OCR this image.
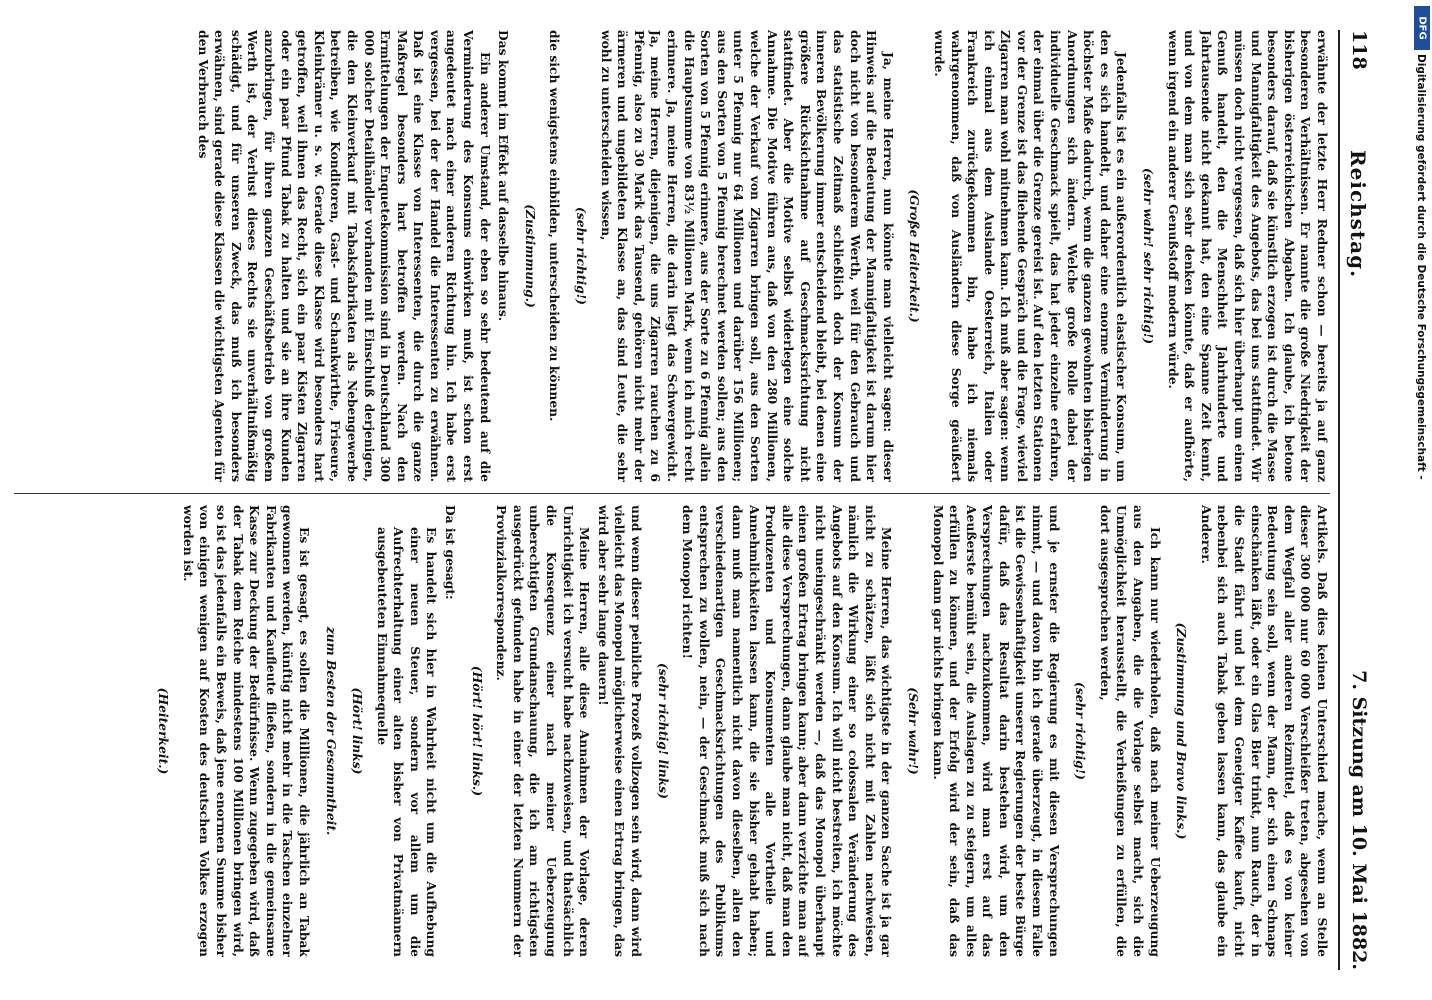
118
Reichstag.
7. Sitzung am 10. Mai 1882.

erwähnte der letzte Herr Redner schon — bereits ja auf ganz besonderen Verhältnissen. Er nannte die große Niedrigkeit der bisherigen österreichischen Abgaben. Ich glaube, ich betone besonders darauf, daß sie künstlich erzogen ist durch die Masse und Mannigfaltigkeit des Angebots, das bei uns stattfindet. Wir müssen doch nicht vergessen, daß sich hier überhaupt um einen Genuß handelt, den die Menschheit Jahrhunderte und Jahrtausende nicht gekannt hat, den eine Spanne Zeit kennt, und von dem man sich sehr denken könnte, daß er aufhörte, wenn irgend ein anderer Genußstoff modern würde.

(sehr wahr! sehr richtig!)

Jedenfalls ist es ein außerordentlich elastischer Konsum, um den es sich handelt, und daher eine enorme Verminderung in höchster Maße dadurch, wenn die ganzen gewohnten bisherigen Anordnungen sich ändern. Welche große Rolle dabei der individuelle Geschmack spielt, das hat jeder einzelne erfahren, der einmal über die Grenze gereist ist. Auf den letzten Stationen vor der Grenze ist das fliehende Gespräch und die Frage, wieviel Zigarren man wohl mitnehmen kann. Ich muß aber sagen: wenn ich einmal aus dem Auslande Oesterreich, Italien oder Frankreich zurückgekommen bin, habe ich niemals wahrgenommen, daß von Ausländern diese Sorge geäußert wurde.

(Große Heiterkeit.)

Ja, meine Herren, nun könnte man vielleicht sagen: dieser Hinweis auf die Bedeutung der Mannigfaltigkeit ist darum hier doch nicht von besonderem Werth, weil für den Gebrauch und das statistische Zeitmaß schließlich doch der Konsum der inneren Bevölkerung immer entscheidend bleibt, bei denen eine größere Rücksichtnahme auf Geschmacksrichtung nicht stattfindet. Aber die Motive selbst widerlegen eine solche Annahme. Die Motive führen aus, daß von den 280 Millionen, welche der Verkauf von Zigarren bringen soll, aus den Sorten unter 5 Pfennig nur 64 Millionen und darüber 156 Millionen; aus den Sorten von 5 Pfennig berechnet werden sollen; aus den Sorten von 5 Pfennig erinnere, aus der Sorte zu 6 Pfennig allein die Hauptsumme von 83½ Millionen Mark, wenn ich mich recht erinnere. Ja, meine Herren, die darin liegt das Schwergewicht. Ja, meine Herren, diejenigen, die uns Zigarren rauchen zu 6 Pfennig, also zu 30 Mark das Tausend, gehören nicht mehr der ärmeren und ungebildeten Klasse an, das sind Leute, die sehr wohl zu unterscheiden wissen,

(sehr richtig!)

die sich wenigstens einbilden, unterscheiden zu können.

(Zustimmung.)

Das kommt im Effekt auf dasselbe hinaus.

Ein anderer Umstand, der eben so sehr bedeutend auf die Verminderung des Konsums einwirken muß, ist schon erst angedeutet nach einer anderen Richtung hin. Ich habe erst vergessen, bei der der Handel die Interessenten zu erwähnen. Daß ist eine Klasse von Interessenten, die durch die ganze Maßregel besonders hart betroffen werden. Nach den Ermittelungen der Enquetekommission sind in Deutschland 300 000 solcher Detailhändler vorhanden mit Einschluß derjenigen, die den Kleinverkauf mit Tabaksfabrikaten als Nebengewerbe betreiben, wie Konditoren, Gast- und Schankwirthe, Friseure, Kleinkrämer u. s. w. Gerade diese Klasse wird besonders hart getroffen, weil ihnen das Recht, sich ein paar Kisten Zigarren oder ein paar Pfund Tabak zu halten und sie an ihre Kunden anzubringen, für ihren ganzen Geschäftsbetrieb von großem Werth ist, der Verlust dieses Rechts sie unverhältnißmäßig schädigt, und für unseren Zweck, das muß ich besonders erwähnen, sind gerade diese Klassen die wichtigsten Agenten für den Verbrauch des

Artikels. Daß dies keinen Unterschied mache, wenn an Stelle dieser 300 000 nur 60 000 Verschleißer treten, abgesehen von dem Wegfall aller anderen Reizmittel, daß es von keiner Bedeutung sein soll, wenn der Mann, der sich einen Schnaps einschänken läßt, oder ein Glas Bier trinkt, nun Rauch, der in die Stadt fährt und bei dem Geneigter Kaffee kauft, nicht nebenbei sich auch Tabak geben lassen kann, das glaube ein Anderer.

(Zustimmung und Bravo links.)

Ich kann nur wiederholen, daß nach meiner Ueberzeugung aus den Angaben, die die Vorlage selbst macht, sich die Unmöglichkeit herausstellt, die Verheißungen zu erfüllen, die dort ausgesprochen werden,

(sehr richtig!)

und je ernster die Regierung es mit diesen Versprechungen nimmt, — und davon bin ich gerade überzeugt, in diesem Falle ist die Gewissenhaftigkeit unserer Regierungen der beste Bürge dafür, daß das Resultat darin bestehen wird, um den Versprechungen nachzukommen, wird man erst auf das Aeußerste bemüht sein, die Auslagen zu zu steigern, um alles erfüllen zu können, und der Erfolg wird der sein, daß das Monopol dann gar nichts bringen kann.

(Sehr wahr!)

Meine Herren, das wichtigste in der ganzen Sache ist ja gar nicht zu schätzen, läßt sich nicht mit Zahlen nachweisen, nämlich die Wirkung einer so colossalen Veränderung des Angebots auf den Konsum. Ich will nicht bestreiten, ich möchte nicht uneingeschränkt werden —, daß das Monopol überhaupt einen großen Ertrag bringen kann; aber dann verzichte man auf alle diese Versprechungen, dann glaube man nicht, daß man den Produzenten und Konsumenten alle Vortheile und Annehmlichkeiten lassen kann, die sie bisher gehabt haben; dann muß man namentlich nicht davon dieselben, allen den verschiedenartigen Geschmacksrichtungen des Publikums entsprechen zu wollen, nein, — der Geschmack muß sich nach dem Monopol richten!

(sehr richtig! links)

und wenn dieser peinliche Prozeß vollzogen sein wird, dann wird vielleicht das Monopol möglicherweise einen Ertrag bringen, das wird aber sehr lange dauern!

Meine Herren, alle diese Annahmen der Vorlage, deren Unrichtigkeit ich versucht habe nachzuweisen, und thatsächlich die Konsequenz einer nach meiner Ueberzeugung unberechtigten Grundanschauung, die ich am richtigsten ausgedrückt gefunden habe in einer der letzten Nummern der Provinzialkorrespondenz.

(Hört! hört! links.)

Da ist gesagt:

Es handelt sich hier in Wahrheit nicht um die Aufhebung einer neuen Steuer, sondern vor allem um die Aufrechterhaltung einer alten bisher von Privatmännern ausgebeuteten Einnahmequelle

(Hört! links)

zum Besten der Gesammtheit.

Es ist gesagt, es sollen die Millionen, die jährlich an Tabak gewonnen werden, künftig nicht mehr in die Taschen einzelner Fabrikanten und Kaufleute fließen, sondern in die gemeinsame Kasse zur Deckung der Bedürfnisse. Wenn zugegeben wird, daß der Tabak dem Reiche mindestens 100 Millionen bringen wird, so ist das jedenfalls ein Beweis, daß jene enormen Summe bisher von einigen wenigen auf Kosten des deutschen Volkes erzogen worden ist.

(Heiterkeit.)

DFG
Digitalisierung gefördert durch die Deutsche Forschungsgemeinschaft -
